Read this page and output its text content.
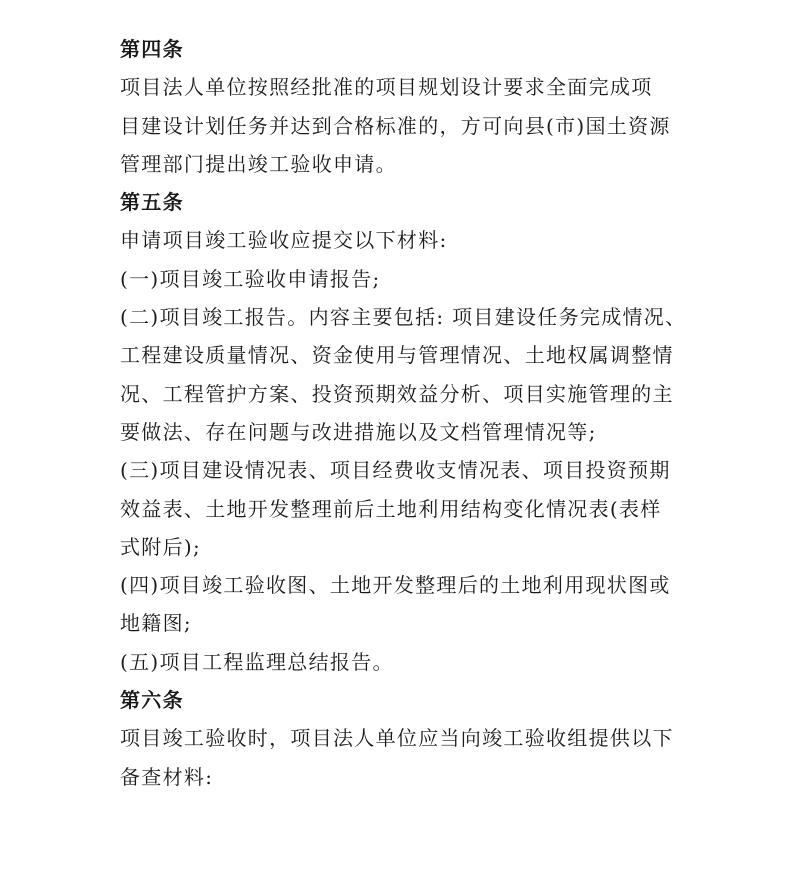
第四条
项目法人单位按照经批准的项目规划设计要求全面完成项
目建设计划任务并达到合格标准的，方可向县(市)国土资源
管理部门提出竣工验收申请。
第五条
申请项目竣工验收应提交以下材料:
(一)项目竣工验收申请报告;
(二)项目竣工报告。内容主要包括: 项目建设任务完成情况、
工程建设质量情况、资金使用与管理情况、土地权属调整情
况、工程管护方案、投资预期效益分析、项目实施管理的主
要做法、存在问题与改进措施以及文档管理情况等;
(三)项目建设情况表、项目经费收支情况表、项目投资预期
效益表、土地开发整理前后土地利用结构变化情况表(表样
式附后);
(四)项目竣工验收图、土地开发整理后的土地利用现状图或
地籍图;
(五)项目工程监理总结报告。
第六条
项目竣工验收时，项目法人单位应当向竣工验收组提供以下
备查材料:
